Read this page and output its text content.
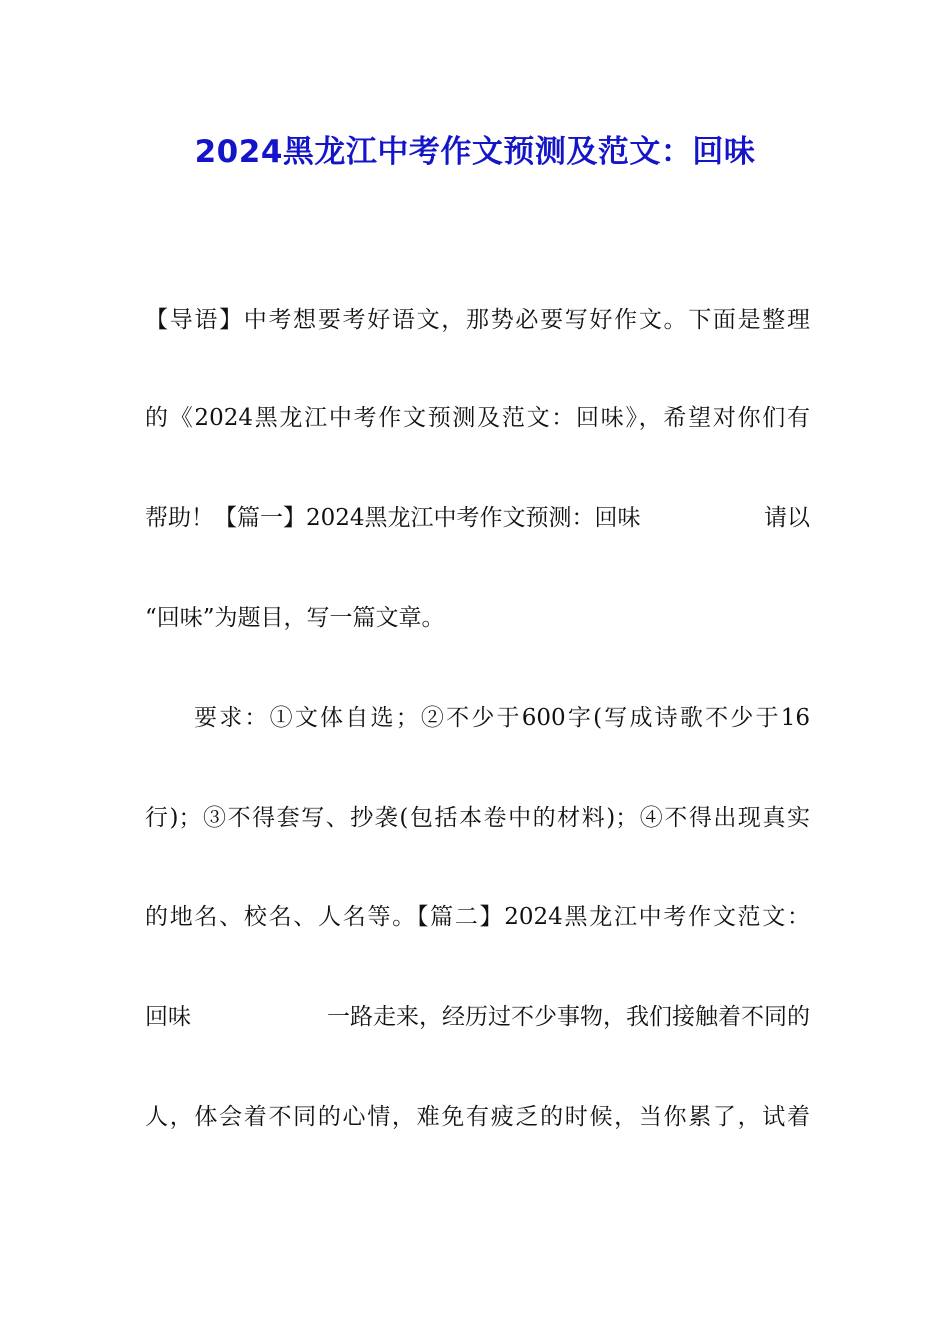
2024黑龙江中考作文预测及范文：回味

【导语】中考想要考好语文，那势必要写好作文。下面是整理

的《2024黑龙江中考作文预测及范文：回味》，希望对你们有

帮助！【篇一】2024黑龙江中考作文预测：回味	请以

“回味”为题目，写一篇文章。

要求：①文体自选；②不少于600字(写成诗歌不少于16

行)；③不得套写、抄袭(包括本卷中的材料)；④不得出现真实

的地名、校名、人名等。【篇二】2024黑龙江中考作文范文：

回味	一路走来，经历过不少事物，我们接触着不同的

人，体会着不同的心情，难免有疲乏的时候，当你累了，试着
